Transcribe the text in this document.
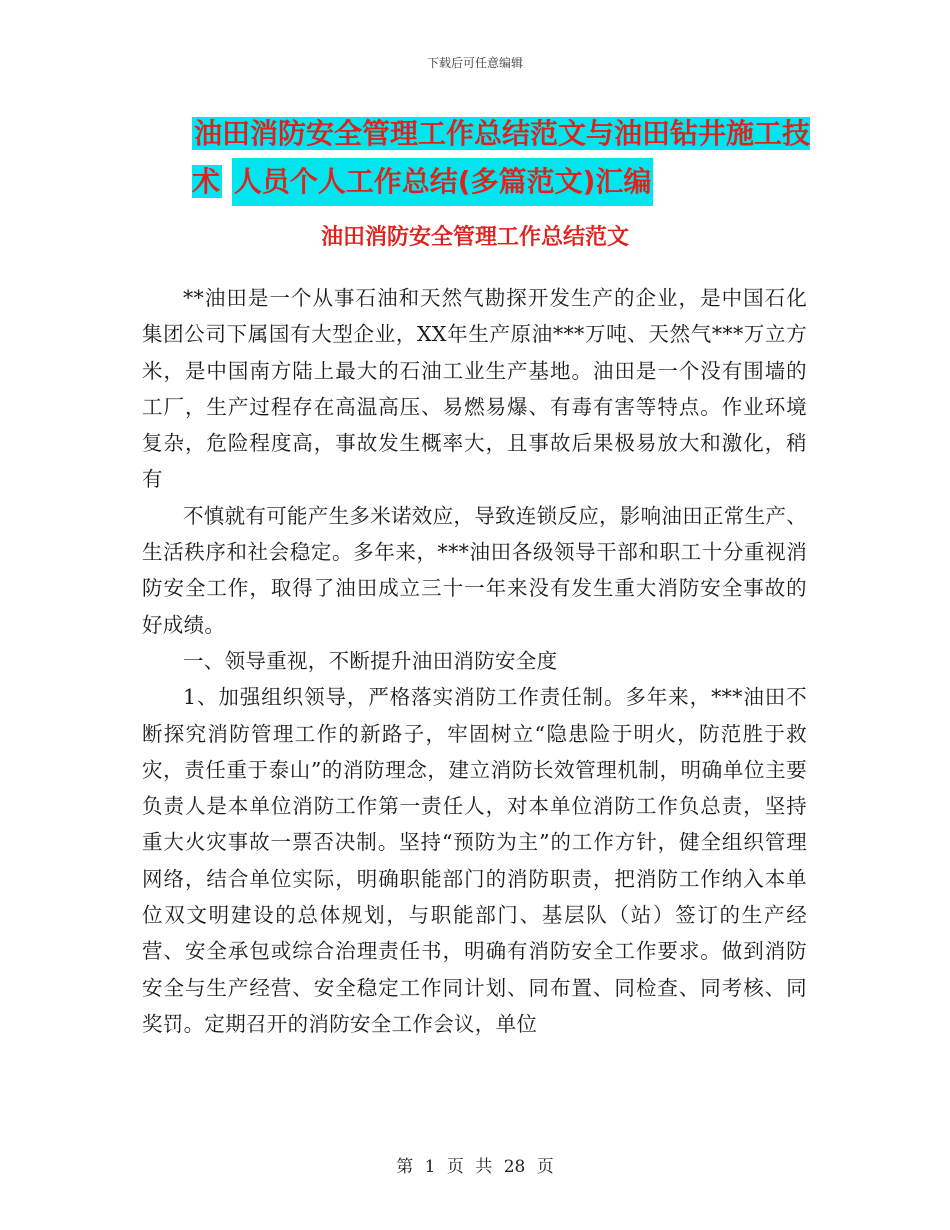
下载后可任意编辑
油田消防安全管理工作总结范文与油田钻井施工技术 人员个人工作总结(多篇范文)汇编
油田消防安全管理工作总结范文

**油田是一个从事石油和天然气勘探开发生产的企业，是中国石化集团公司下属国有大型企业，XX年生产原油***万吨、天然气***万立方米，是中国南方陆上最大的石油工业生产基地。油田是一个没有围墙的工厂，生产过程存在高温高压、易燃易爆、有毒有害等特点。作业环境复杂，危险程度高，事故发生概率大，且事故后果极易放大和激化，稍有

不慎就有可能产生多米诺效应，导致连锁反应，影响油田正常生产、生活秩序和社会稳定。多年来，***油田各级领导干部和职工十分重视消防安全工作，取得了油田成立三十一年来没有发生重大消防安全事故的好成绩。

一、领导重视，不断提升油田消防安全度

1、加强组织领导，严格落实消防工作责任制。多年来，***油田不断探究消防管理工作的新路子，牢固树立“隐患险于明火，防范胜于救灾，责任重于泰山”的消防理念，建立消防长效管理机制，明确单位主要负责人是本单位消防工作第一责任人，对本单位消防工作负总责，坚持重大火灾事故一票否决制。坚持“预防为主”的工作方针，健全组织管理网络，结合单位实际，明确职能部门的消防职责，把消防工作纳入本单位双文明建设的总体规划，与职能部门、基层队（站）签订的生产经营、安全承包或综合治理责任书，明确有消防安全工作要求。做到消防安全与生产经营、安全稳定工作同计划、同布置、同检查、同考核、同奖罚。定期召开的消防安全工作会议，单位

第 1 页 共 28 页
